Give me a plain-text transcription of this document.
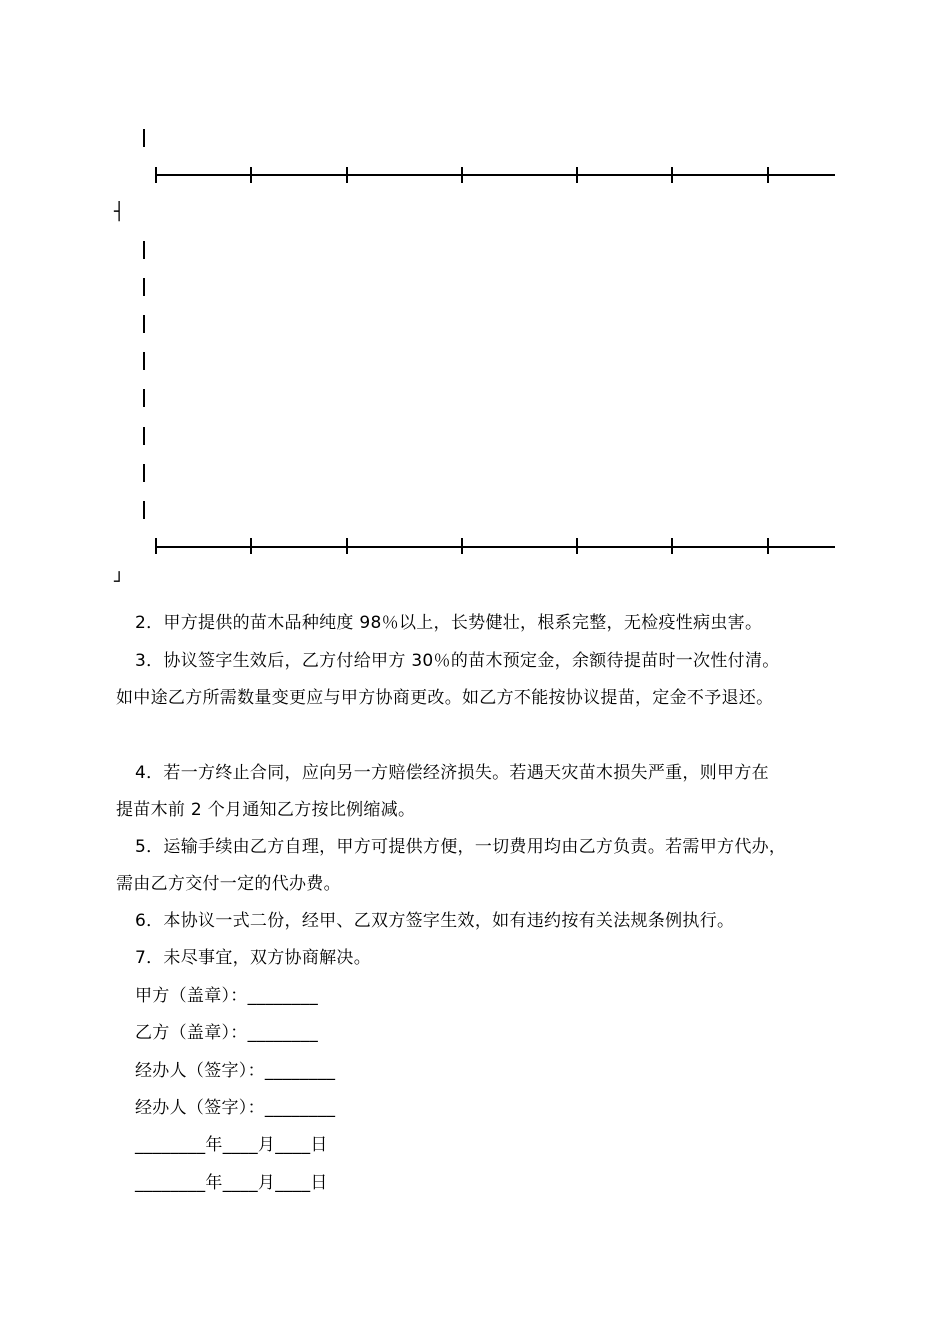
┤
┘
2．甲方提供的苗木品种纯度 98％以上，长势健壮，根系完整，无检疫性病虫害。
3．协议签字生效后，乙方付给甲方 30％的苗木预定金，余额待提苗时一次性付清。
如中途乙方所需数量变更应与甲方协商更改。如乙方不能按协议提苗，定金不予退还。
4．若一方终止合同，应向另一方赔偿经济损失。若遇天灾苗木损失严重，则甲方在
提苗木前 2 个月通知乙方按比例缩减。
5．运输手续由乙方自理，甲方可提供方便，一切费用均由乙方负责。若需甲方代办，
需由乙方交付一定的代办费。
6．本协议一式二份，经甲、乙双方签字生效，如有违约按有关法规条例执行。
7．未尽事宜，双方协商解决。
甲方（盖章）：________
乙方（盖章）：________
经办人（签字）：________
经办人（签字）：________
________年____月____日
________年____月____日
